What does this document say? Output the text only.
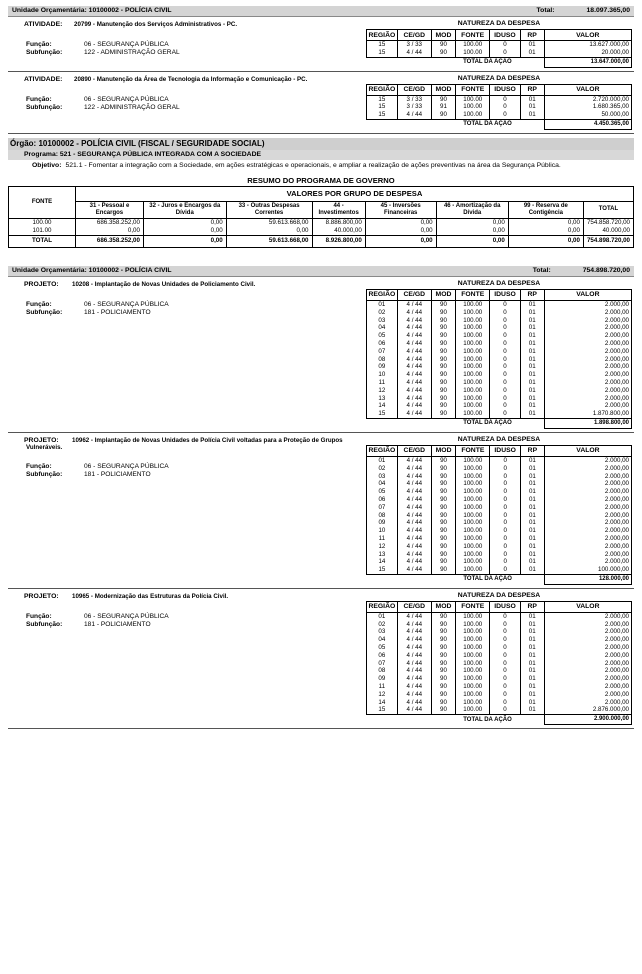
Unidade Orçamentária: 10100002 - POLÍCIA CIVIL	Total:	18.097.365,00
ATIVIDADE: 20799 - Manutenção dos Serviços Administrativos - PC.
Função:	06 - SEGURANÇA PÚBLICA
Subfunção:	122 - ADMINISTRAÇÃO GERAL
NATUREZA DA DESPESA
REGIÃO	CE/GD	MOD	FONTE	IDUSO	RP	VALOR
15	3 / 33	90	100.00	0	01	13.627.000,00
15	4 / 44	90	100.00	0	01	20.000,00
		TOTAL DA AÇÃO				13.647.000,00
ATIVIDADE: 20890 - Manutenção da Área de Tecnologia da Informação e Comunicação - PC.
Função:	06 - SEGURANÇA PÚBLICA
Subfunção:	122 - ADMINISTRAÇÃO GERAL
NATUREZA DA DESPESA
REGIÃO	CE/GD	MOD	FONTE	IDUSO	RP	VALOR
15	3 / 33	90	100.00	0	01	2.720.000,00
15	3 / 33	91	100.00	0	01	1.680.365,00
15	4 / 44	90	100.00	0	01	50.000,00
		TOTAL DA AÇÃO				4.450.365,00
Órgão: 10100002 - POLÍCIA CIVIL (FISCAL / SEGURIDADE SOCIAL)
Programa: 521 - SEGURANÇA PÚBLICA INTEGRADA COM A SOCIEDADE
Objetivo: 521.1 - Fomentar a integração com a Sociedade, em ações estratégicas e operacionais, e ampliar a realização de ações preventivas na área da Segurança Pública.
RESUMO DO PROGRAMA DE GOVERNO
FONTE	VALORES POR GRUPO DE DESPESA							
	31 - Pessoal e Encargos	32 - Juros e Encargos da Dívida	33 - Outras Despesas Correntes	44 - Investimentos	45 - Inversões Financeiras	46 - Amortização da Dívida	99 - Reserva de Contigência	TOTAL
100.00	686.358.252,00	0,00	59.613.668,00	8.886.800,00	0,00	0,00	0,00	754.858.720,00
101.00	0,00	0,00	0,00	40.000,00	0,00	0,00	0,00	40.000,00
TOTAL	686.358.252,00	0,00	59.613.668,00	8.926.800,00	0,00	0,00	0,00	754.898.720,00
Unidade Orçamentária: 10100002 - POLÍCIA CIVIL	Total:	754.898.720,00
PROJETO: 10208 - Implantação de Novas Unidades de Policiamento Civil.
Função:	06 - SEGURANÇA PÚBLICA
Subfunção:	181 - POLICIAMENTO
NATUREZA DA DESPESA
REGIÃO	CE/GD	MOD	FONTE	IDUSO	RP	VALOR
01	4 / 44	90	100.00	0	01	2.000,00
02	4 / 44	90	100.00	0	01	2.000,00
03	4 / 44	90	100.00	0	01	2.000,00
04	4 / 44	90	100.00	0	01	2.000,00
05	4 / 44	90	100.00	0	01	2.000,00
06	4 / 44	90	100.00	0	01	2.000,00
07	4 / 44	90	100.00	0	01	2.000,00
08	4 / 44	90	100.00	0	01	2.000,00
09	4 / 44	90	100.00	0	01	2.000,00
10	4 / 44	90	100.00	0	01	2.000,00
11	4 / 44	90	100.00	0	01	2.000,00
12	4 / 44	90	100.00	0	01	2.000,00
13	4 / 44	90	100.00	0	01	2.000,00
14	4 / 44	90	100.00	0	01	2.000,00
15	4 / 44	90	100.00	0	01	1.870.800,00
		TOTAL DA AÇÃO				1.898.800,00
PROJETO: 10962 - Implantação de Novas Unidades de Polícia Civil voltadas para a Proteção de Grupos Vulneráveis.
Função:	06 - SEGURANÇA PÚBLICA
Subfunção:	181 - POLICIAMENTO
NATUREZA DA DESPESA
REGIÃO	CE/GD	MOD	FONTE	IDUSO	RP	VALOR
01	4 / 44	90	100.00	0	01	2.000,00
02	4 / 44	90	100.00	0	01	2.000,00
03	4 / 44	90	100.00	0	01	2.000,00
04	4 / 44	90	100.00	0	01	2.000,00
05	4 / 44	90	100.00	0	01	2.000,00
06	4 / 44	90	100.00	0	01	2.000,00
07	4 / 44	90	100.00	0	01	2.000,00
08	4 / 44	90	100.00	0	01	2.000,00
09	4 / 44	90	100.00	0	01	2.000,00
10	4 / 44	90	100.00	0	01	2.000,00
11	4 / 44	90	100.00	0	01	2.000,00
12	4 / 44	90	100.00	0	01	2.000,00
13	4 / 44	90	100.00	0	01	2.000,00
14	4 / 44	90	100.00	0	01	2.000,00
15	4 / 44	90	100.00	0	01	100.000,00
		TOTAL DA AÇÃO				128.000,00
PROJETO: 10965 - Modernização das Estruturas da Polícia Civil.
Função:	06 - SEGURANÇA PÚBLICA
Subfunção:	181 - POLICIAMENTO
NATUREZA DA DESPESA
REGIÃO	CE/GD	MOD	FONTE	IDUSO	RP	VALOR
01	4 / 44	90	100.00	0	01	2.000,00
02	4 / 44	90	100.00	0	01	2.000,00
03	4 / 44	90	100.00	0	01	2.000,00
04	4 / 44	90	100.00	0	01	2.000,00
05	4 / 44	90	100.00	0	01	2.000,00
06	4 / 44	90	100.00	0	01	2.000,00
07	4 / 44	90	100.00	0	01	2.000,00
08	4 / 44	90	100.00	0	01	2.000,00
09	4 / 44	90	100.00	0	01	2.000,00
11	4 / 44	90	100.00	0	01	2.000,00
12	4 / 44	90	100.00	0	01	2.000,00
14	4 / 44	90	100.00	0	01	2.000,00
15	4 / 44	90	100.00	0	01	2.876.000,00
		TOTAL DA AÇÃO				2.900.000,00
